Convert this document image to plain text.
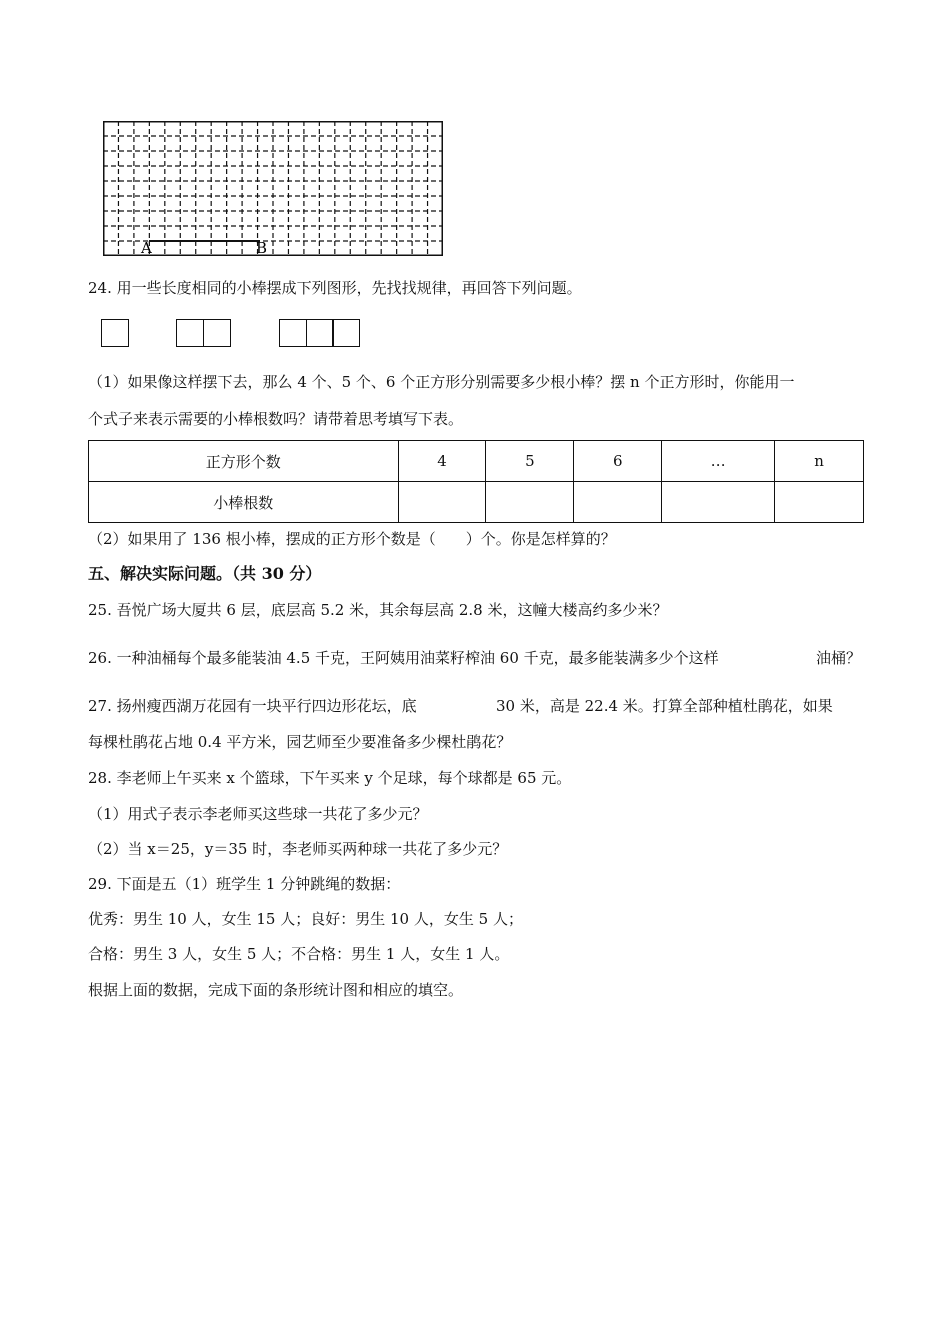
A	B
24. 用一些长度相同的小棒摆成下列图形，先找找规律，再回答下列问题。
（1）如果像这样摆下去，那么 4 个、5 个、6 个正方形分别需要多少根小棒？摆 n 个正方形时，你能用一
个式子来表示需要的小棒根数吗？请带着思考填写下表。
正方形个数	4	5	6	…	n
小棒根数					
（2）如果用了 136 根小棒，摆成的正方形个数是（　　）个。你是怎样算的？
五、解决实际问题。（共 30 分）
25. 吾悦广场大厦共 6 层，底层高 5.2 米，其余每层高 2.8 米，这幢大楼高约多少米？
26. 一种油桶每个最多能装油 4.5 千克，王阿姨用油菜籽榨油 60 千克，最多能装满多少个这样	油桶？
27. 扬州瘦西湖万花园有一块平行四边形花坛，底	30 米，高是 22.4 米。打算全部种植杜鹃花，如果
每棵杜鹃花占地 0.4 平方米，园艺师至少要准备多少棵杜鹃花？
28. 李老师上午买来 x 个篮球，下午买来 y 个足球，每个球都是 65 元。
（1）用式子表示李老师买这些球一共花了多少元？
（2）当 x＝25，y＝35 时，李老师买两种球一共花了多少元？
29. 下面是五（1）班学生 1 分钟跳绳的数据：
优秀：男生 10 人，女生 15 人；良好：男生 10 人，女生 5 人；
合格：男生 3 人，女生 5 人；不合格：男生 1 人，女生 1 人。
根据上面的数据，完成下面的条形统计图和相应的填空。
